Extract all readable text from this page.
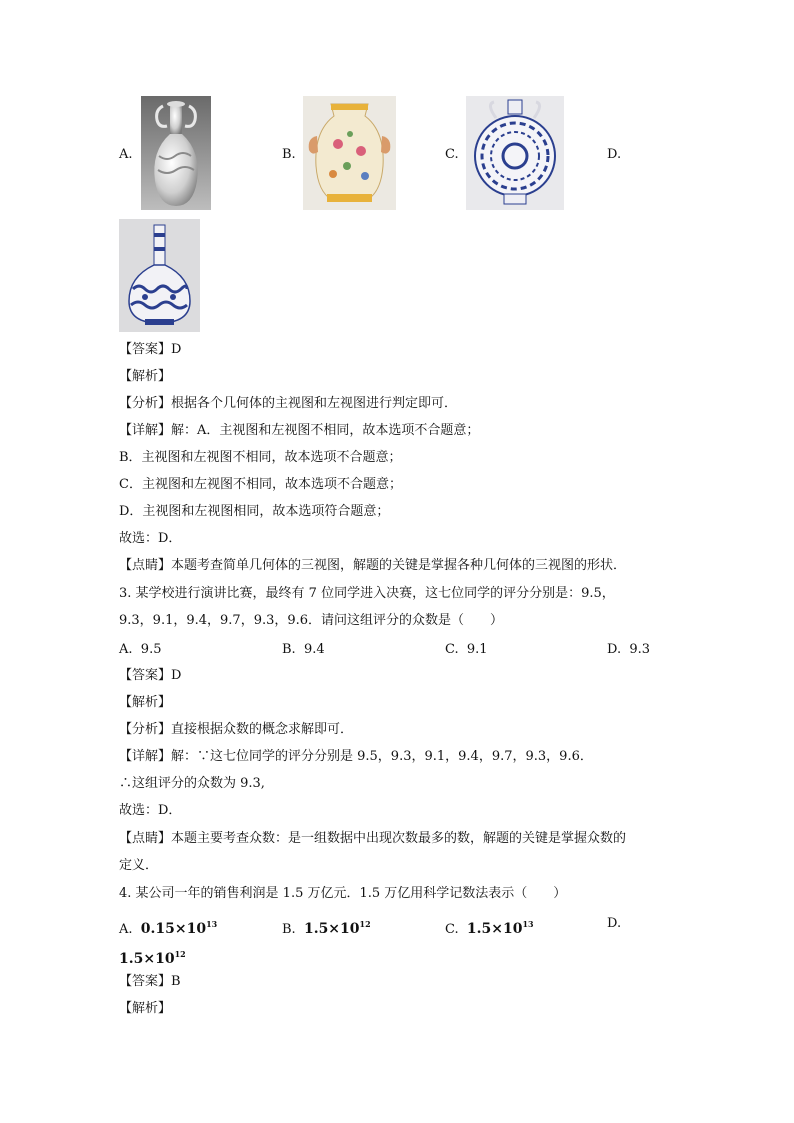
A.	B.	C.	D.
【答案】D
【解析】
【分析】根据各个几何体的主视图和左视图进行判定即可．
【详解】解：A．主视图和左视图不相同，故本选项不合题意；
B．主视图和左视图不相同，故本选项不合题意；
C．主视图和左视图不相同，故本选项不合题意；
D．主视图和左视图相同，故本选项符合题意；
故选：D．
【点睛】本题考查简单几何体的三视图，解题的关键是掌握各种几何体的三视图的形状．
3. 某学校进行演讲比赛，最终有 7 位同学进入决赛，这七位同学的评分分别是：9.5，
9.3，9.1，9.4，9.7，9.3，9.6．请问这组评分的众数是（　　）
A. 9.5	B. 9.4	C. 9.1	D. 9.3
【答案】D
【解析】
【分析】直接根据众数的概念求解即可．
【详解】解：∵这七位同学的评分分别是 9.5，9.3，9.1，9.4，9.7，9.3，9.6．
∴这组评分的众数为 9.3,
故选：D．
【点睛】本题主要考查众数：是一组数据中出现次数最多的数，解题的关键是掌握众数的
定义．
4. 某公司一年的销售利润是 1.5 万亿元．1.5 万亿用科学记数法表示（　　）
A. $0.15\times 10^{13}$	B. $1.5\times 10^{12}$	C. $1.5\times 10^{13}$	D.
$1.5\times 10^{12}$
【答案】B
【解析】
